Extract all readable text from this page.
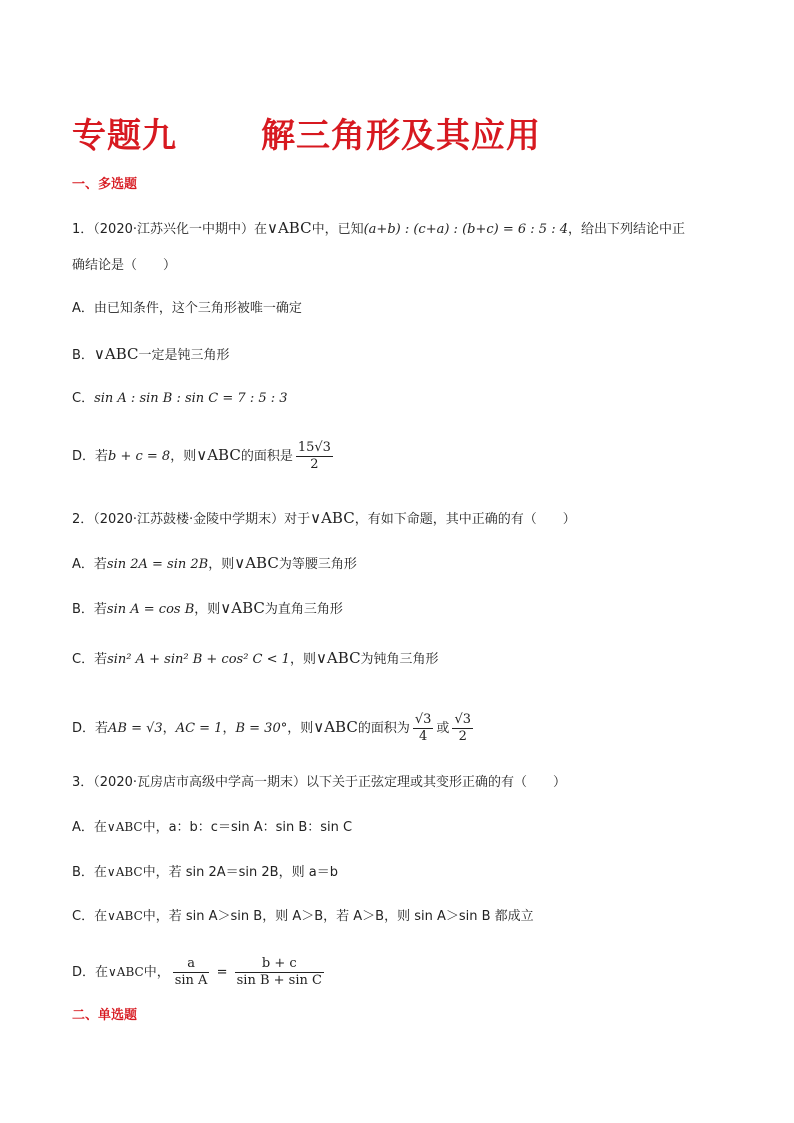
专题九 解三角形及其应用
一、多选题
1．（2020·江苏兴化一中期中）在∨ABC中，已知(a+b) : (c+a) : (b+c) = 6 : 5 : 4，给出下列结论中正
确结论是（　　）
A．由已知条件，这个三角形被唯一确定
B．∨ABC一定是钝三角形
C．sin A : sin B : sin C = 7 : 5 : 3
D．若b + c = 8，则∨ABC的面积是 $\frac{15√3}{2}$
2．（2020·江苏鼓楼·金陵中学期末）对于∨ABC，有如下命题，其中正确的有（　　）
A．若sin 2A = sin 2B，则∨ABC为等腰三角形
B．若sin A = cos B，则∨ABC为直角三角形
C．若sin² A + sin² B + cos² C < 1，则∨ABC为钝角三角形
D．若AB = √3，AC = 1，B = 30°，则∨ABC的面积为 $\frac{√3}{4}$ 或 $\frac{√3}{2}$
3．（2020·瓦房店市高级中学高一期末）以下关于正弦定理或其变形正确的有（　　）
A．在∨ABC中，a：b：c＝sin A：sin B：sin C
B．在∨ABC中，若 sin 2A＝sin 2B，则 a＝b
C．在∨ABC中，若 sin A＞sin B，则 A＞B，若 A＞B，则 sin A＞sin B 都成立
D．在∨ABC中， $\frac{a}{\text{sin A}} = \frac{b + c}{\text{sin B + sin C}}$
二、单选题
